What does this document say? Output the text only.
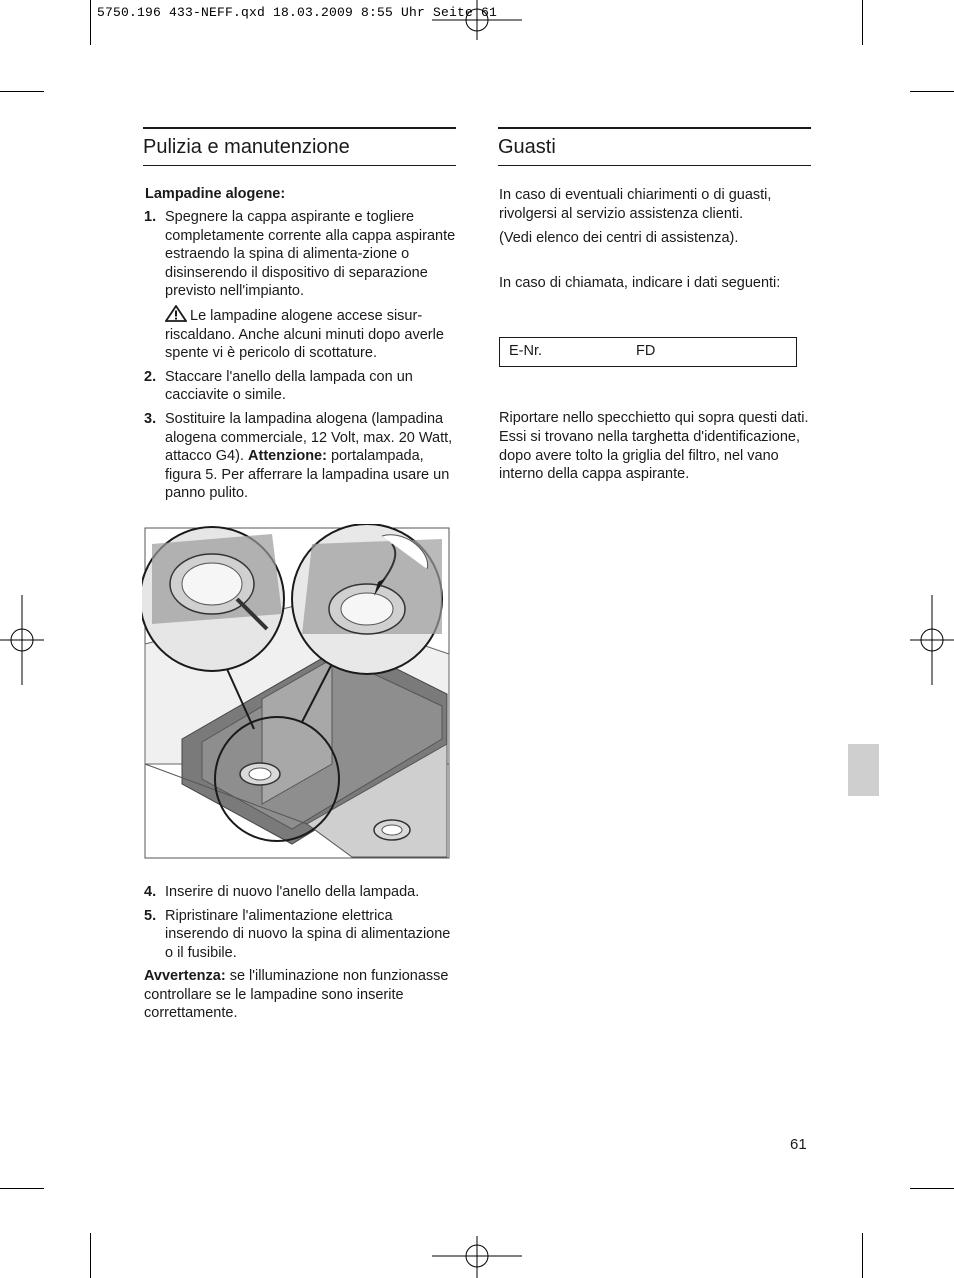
5750.196 433-NEFF.qxd 18.03.2009 8:55 Uhr Seite 61
Pulizia e manutenzione
Lampadine alogene:
1. Spegnere la cappa aspirante e togliere completamente corrente alla cappa aspirante estraendo la spina di alimenta-zione o disinserendo il dispositivo di separazione previsto nell'impianto.
Le lampadine alogene accese sisur-riscaldano. Anche alcuni minuti dopo averle spente vi è pericolo di scottature.
2. Staccare l'anello della lampada con un cacciavite o simile.
3. Sostituire la lampadina alogena (lampadina alogena commerciale, 12 Volt, max. 20 Watt, attacco G4). Attenzione: portalampada, figura 5. Per afferrare la lampadina usare un panno pulito.
4. Inserire di nuovo l'anello della lampada.
5. Ripristinare l'alimentazione elettrica inserendo di nuovo la spina di alimentazione o il fusibile.
Avvertenza: se l'illuminazione non funzionasse controllare se le lampadine sono inserite correttamente.
Guasti

In caso di eventuali chiarimenti o di guasti, rivolgersi al servizio assistenza clienti.

(Vedi elenco dei centri di assistenza).

In caso di chiamata, indicare i dati seguenti:

E-Nr.	FD

Riportare nello specchietto qui sopra questi dati. Essi si trovano nella targhetta d'identificazione, dopo avere tolto la griglia del filtro, nel vano interno della cappa aspirante.

61
